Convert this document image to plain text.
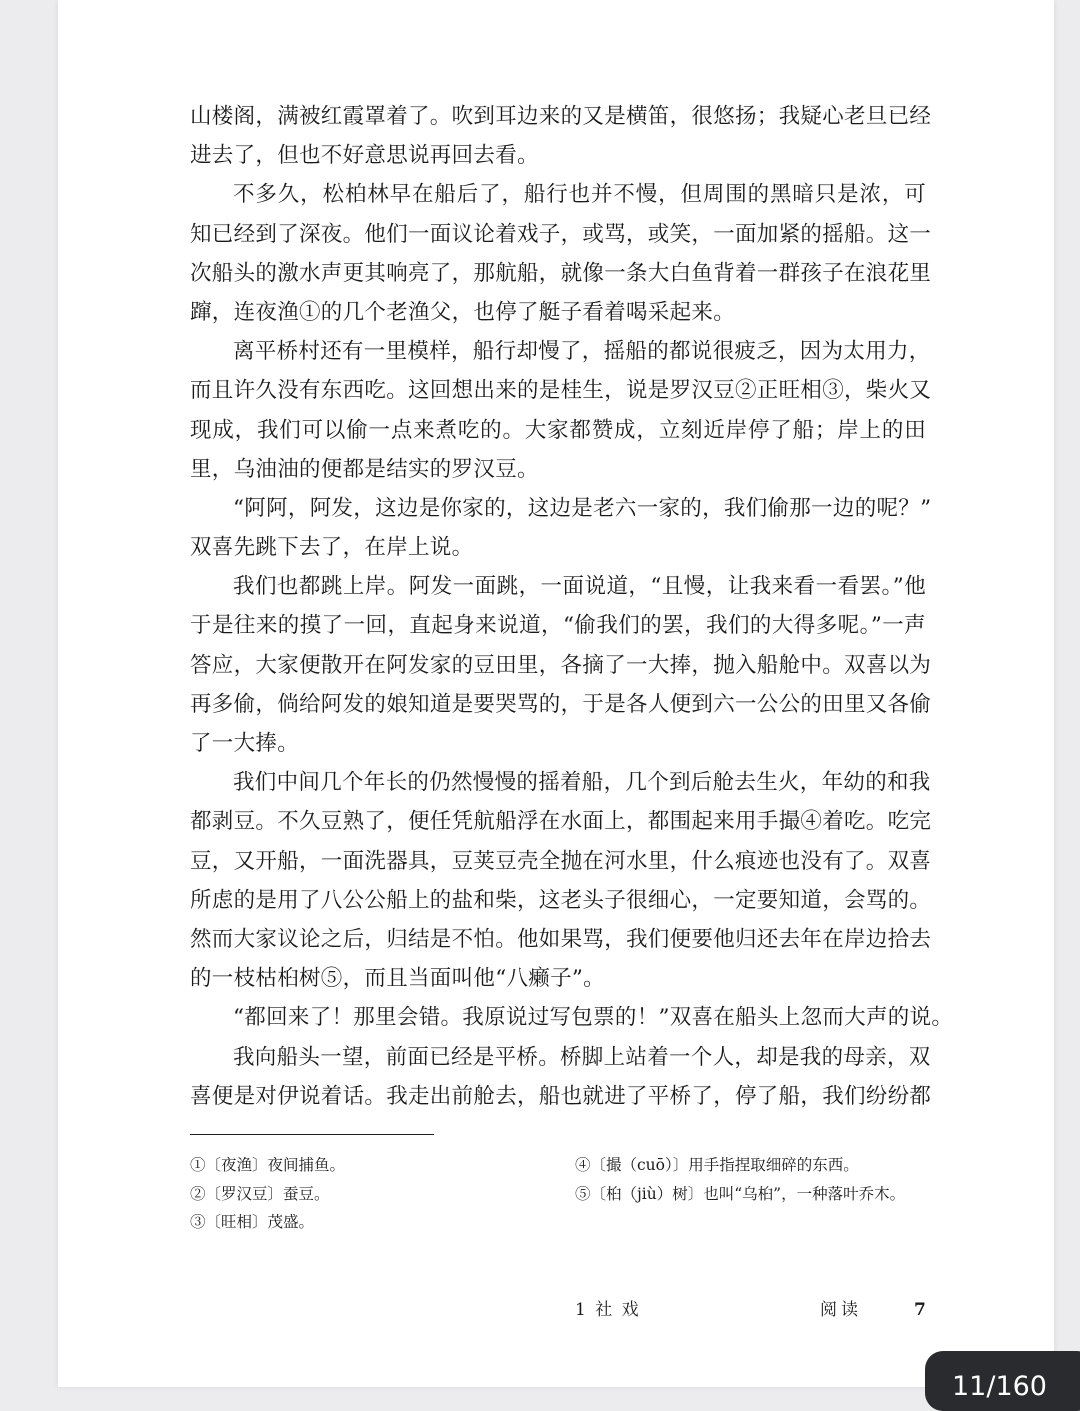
山楼阁，满被红霞罩着了。吹到耳边来的又是横笛，很悠扬；我疑心老旦已经
进去了，但也不好意思说再回去看。
不多久，松柏林早在船后了，船行也并不慢，但周围的黑暗只是浓，可
知已经到了深夜。他们一面议论着戏子，或骂，或笑，一面加紧的摇船。这一
次船头的激水声更其响亮了，那航船，就像一条大白鱼背着一群孩子在浪花里
蹿，连夜渔①的几个老渔父，也停了艇子看着喝采起来。
离平桥村还有一里模样，船行却慢了，摇船的都说很疲乏，因为太用力，
而且许久没有东西吃。这回想出来的是桂生，说是罗汉豆②正旺相③，柴火又
现成，我们可以偷一点来煮吃的。大家都赞成，立刻近岸停了船；岸上的田
里，乌油油的便都是结实的罗汉豆。
“阿阿，阿发，这边是你家的，这边是老六一家的，我们偷那一边的呢？”
双喜先跳下去了，在岸上说。
我们也都跳上岸。阿发一面跳，一面说道，“且慢，让我来看一看罢。”他
于是往来的摸了一回，直起身来说道，“偷我们的罢，我们的大得多呢。”一声
答应，大家便散开在阿发家的豆田里，各摘了一大捧，抛入船舱中。双喜以为
再多偷，倘给阿发的娘知道是要哭骂的，于是各人便到六一公公的田里又各偷
了一大捧。
我们中间几个年长的仍然慢慢的摇着船，几个到后舱去生火，年幼的和我
都剥豆。不久豆熟了，便任凭航船浮在水面上，都围起来用手撮④着吃。吃完
豆，又开船，一面洗器具，豆荚豆壳全抛在河水里，什么痕迹也没有了。双喜
所虑的是用了八公公船上的盐和柴，这老头子很细心，一定要知道，会骂的。
然而大家议论之后，归结是不怕。他如果骂，我们便要他归还去年在岸边拾去
的一枝枯桕树⑤，而且当面叫他“八癞子”。
“都回来了！那里会错。我原说过写包票的！”双喜在船头上忽而大声的说。
我向船头一望，前面已经是平桥。桥脚上站着一个人，却是我的母亲，双
喜便是对伊说着话。我走出前舱去，船也就进了平桥了，停了船，我们纷纷都
①〔夜渔〕夜间捕鱼。
②〔罗汉豆〕蚕豆。
③〔旺相〕茂盛。
④〔撮（cuō）〕用手指捏取细碎的东西。
⑤〔桕（jiù）树〕也叫“乌桕”，一种落叶乔木。
1 社 戏	阅读	7
11/160
